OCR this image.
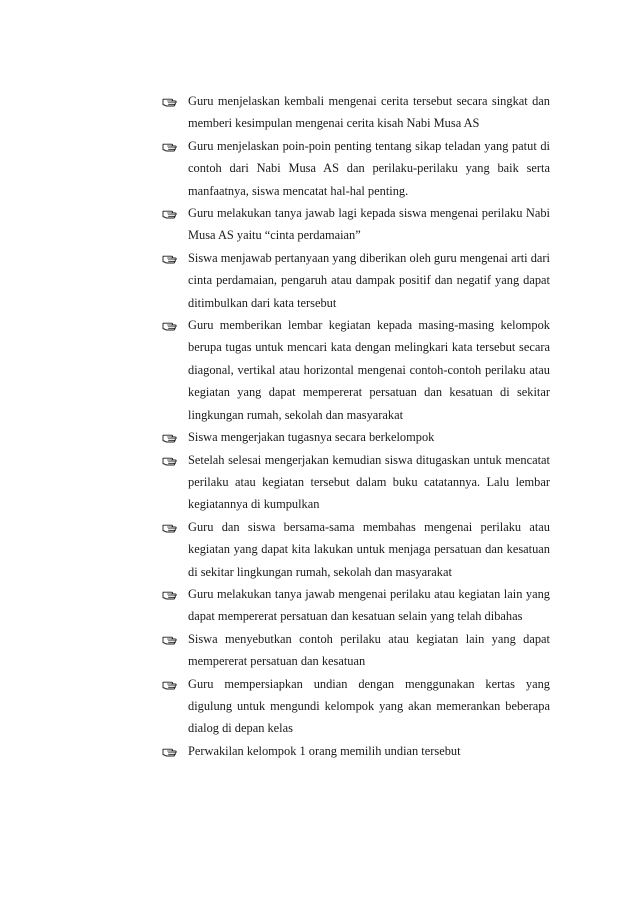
Guru menjelaskan kembali mengenai cerita tersebut secara singkat dan memberi kesimpulan mengenai cerita kisah Nabi Musa AS
Guru menjelaskan poin-poin penting tentang sikap teladan yang patut di contoh dari Nabi Musa AS dan perilaku-perilaku yang baik serta manfaatnya, siswa mencatat hal-hal penting.
Guru melakukan tanya jawab lagi kepada siswa mengenai perilaku Nabi Musa AS yaitu “cinta perdamaian”
Siswa menjawab pertanyaan yang diberikan oleh guru mengenai arti dari cinta perdamaian, pengaruh atau dampak positif dan negatif yang dapat ditimbulkan dari kata tersebut
Guru memberikan lembar kegiatan kepada masing-masing kelompok berupa tugas untuk mencari kata dengan melingkari kata tersebut secara diagonal, vertikal atau horizontal mengenai contoh-contoh perilaku atau kegiatan yang dapat mempererat persatuan dan kesatuan di sekitar lingkungan rumah, sekolah dan masyarakat
Siswa mengerjakan tugasnya secara berkelompok
Setelah selesai mengerjakan kemudian siswa ditugaskan untuk mencatat perilaku atau kegiatan tersebut dalam buku catatannya. Lalu lembar kegiatannya di kumpulkan
Guru dan siswa bersama-sama membahas mengenai perilaku atau kegiatan yang dapat kita lakukan untuk menjaga persatuan dan kesatuan di sekitar lingkungan rumah, sekolah dan masyarakat
Guru melakukan tanya jawab mengenai perilaku atau kegiatan lain yang dapat mempererat persatuan dan kesatuan selain yang telah dibahas
Siswa menyebutkan contoh perilaku atau kegiatan lain yang dapat mempererat persatuan dan kesatuan
Guru mempersiapkan undian dengan menggunakan kertas yang digulung untuk mengundi kelompok yang akan memerankan beberapa dialog di depan kelas
Perwakilan kelompok 1 orang memilih undian tersebut
